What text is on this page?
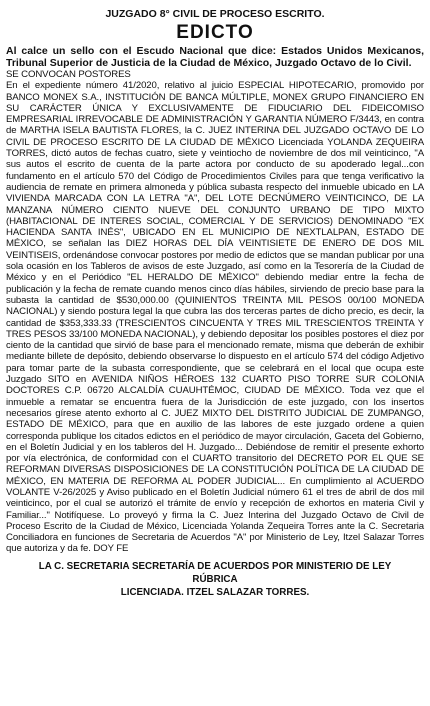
JUZGADO 8° CIVIL DE PROCESO ESCRITO.
EDICTO

Al calce un sello con el Escudo Nacional que dice: Estados Unidos Mexicanos, Tribunal Superior de Justicia de la Ciudad de México, Juzgado Octavo de lo Civil.

SE CONVOCAN POSTORES

En el expediente número 41/2020, relativo al juicio ESPECIAL HIPOTECARIO, promovido por BANCO MONEX S.A., INSTITUCIÓN DE BANCA MÚLTIPLE, MONEX GRUPO FINANCIERO EN SU CARÁCTER ÚNICA Y EXCLUSIVAMENTE DE FIDUCIARIO DEL FIDEICOMISO EMPRESARIAL IRREVOCABLE DE ADMINISTRACIÓN Y GARANTIA NÚMERO F/3443, en contra de MARTHA ISELA BAUTISTA FLORES, la C. JUEZ INTERINA DEL JUZGADO OCTAVO DE LO CIVIL DE PROCESO ESCRITO DE LA CIUDAD DE MÉXICO Licenciada YOLANDA ZEQUEIRA TORRES, dictó autos de fechas cuatro, siete y veintiocho de noviembre de dos mil veinticinco, "A sus autos el escrito de cuenta de la parte actora por conducto de su apoderado legal...con fundamento en el artículo 570 del Código de Procedimientos Civiles para que tenga verificativo la audiencia de remate en primera almoneda y pública subasta respecto del inmueble ubicado en LA VIVIENDA MARCADA CON LA LETRA "A", DEL LOTE DECNÚMERO VEINTICINCO, DE LA MANZANA NÚMERO CIENTO NUEVE DEL CONJUNTO URBANO DE TIPO MIXTO (HABITACIONAL DE INTERES SOCIAL, COMERCIAL Y DE SERVICIOS) DENOMINADO "EX HACIENDA SANTA INÉS", UBICADO EN EL MUNICIPIO DE NEXTLALPAN, ESTADO DE MÉXICO, se señalan las DIEZ HORAS DEL DÍA VEINTISIETE DE ENERO DE DOS MIL VEINTISEIS, ordenándose convocar postores por medio de edictos que se mandan publicar por una sola ocasión en los Tableros de avisos de este Juzgado, así como en la Tesorería de la Ciudad de México y en el Periódico "EL HERALDO DE MÉXICO" debiendo mediar entre la fecha de publicación y la fecha de remate cuando menos cinco días hábiles, sirviendo de precio base para la subasta la cantidad de $530,000.00 (QUINIENTOS TREINTA MIL PESOS 00/100 MONEDA NACIONAL) y siendo postura legal la que cubra las dos terceras partes de dicho precio, es decir, la cantidad de $353,333.33 (TRESCIENTOS CINCUENTA Y TRES MIL TRESCIENTOS TREINTA Y TRES PESOS 33/100 MONEDA NACIONAL), y debiendo depositar los posibles postores el diez por ciento de la cantidad que sirvió de base para el mencionado remate, misma que deberán de exhibir mediante billete de depósito, debiendo observarse lo dispuesto en el artículo 574 del código Adjetivo para tomar parte de la subasta correspondiente, que se celebrará en el local que ocupa este Juzgado SITO en AVENIDA NIÑOS HÉROES 132 CUARTO PISO TORRE SUR COLONIA DOCTORES C.P. 06720 ALCALDÍA CUAUHTÉMOC, CIUDAD DE MÉXICO. Toda vez que el inmueble a rematar se encuentra fuera de la Jurisdicción de este juzgado, con los insertos necesarios gírese atento exhorto al C. JUEZ MIXTO DEL DISTRITO JUDICIAL DE ZUMPANGO, ESTADO DE MÉXICO, para que en auxilio de las labores de este juzgado ordene a quien corresponda publique los citados edictos en el periódico de mayor circulación, Gaceta del Gobierno, en el Boletín Judicial y en los tableros del H. Juzgado... Debiéndose de remitir el presente exhorto por vía electrónica, de conformidad con el CUARTO transitorio del DECRETO POR EL QUE SE REFORMAN DIVERSAS DISPOSICIONES DE LA CONSTITUCIÓN POLÍTICA DE LA CIUDAD DE MÉXICO, EN MATERIA DE REFORMA AL PODER JUDICIAL... En cumplimiento al ACUERDO VOLANTE V-26/2025 y Aviso publicado en el Boletín Judicial número 61 el tres de abril de dos mil veinticinco, por el cual se autorizó el trámite de envío y recepción de exhortos en materia Civil y Familiar..." Notifíquese. Lo proveyó y firma la C. Juez Interina del Juzgado Octavo de Civil de Proceso Escrito de la Ciudad de México, Licenciada Yolanda Zequeira Torres ante la C. Secretaria Conciliadora en funciones de Secretaria de Acuerdos "A" por Ministerio de Ley, Itzel Salazar Torres que autoriza y da fe. DOY FE

LA C. SECRETARIA SECRETARÍA DE ACUERDOS POR MINISTERIO DE LEY
RÚBRICA
LICENCIADA. ITZEL SALAZAR TORRES.
